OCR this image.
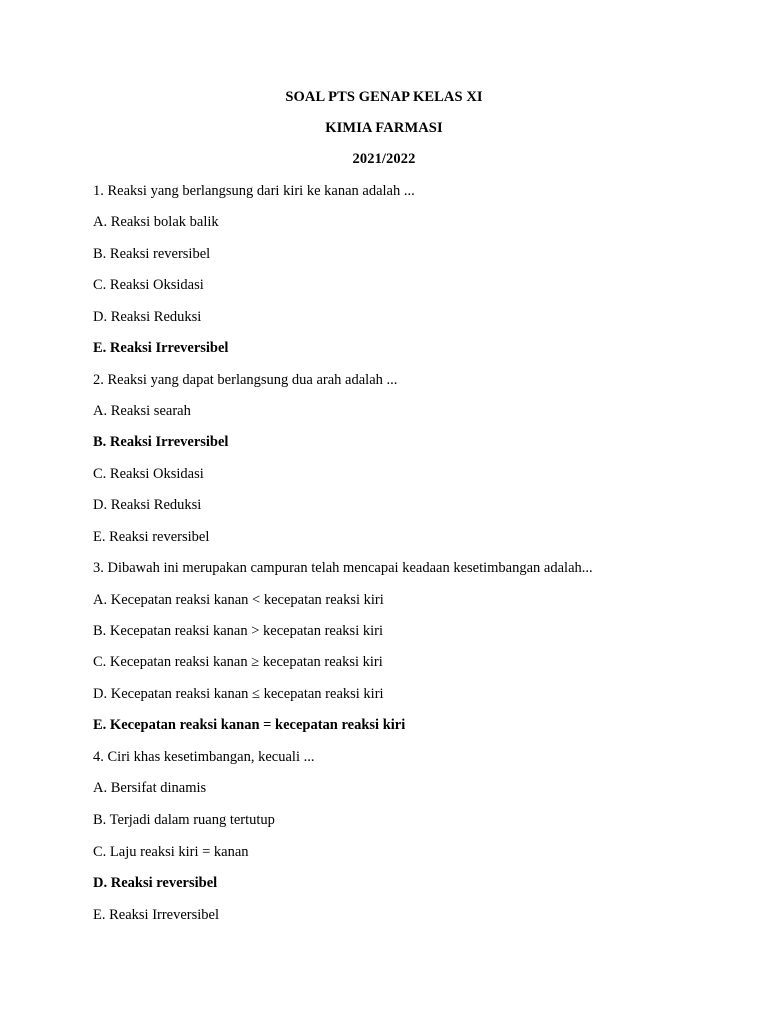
SOAL PTS GENAP KELAS XI
KIMIA FARMASI
2021/2022
1. Reaksi yang berlangsung dari kiri ke kanan adalah ...
A. Reaksi bolak balik
B. Reaksi reversibel
C. Reaksi Oksidasi
D. Reaksi Reduksi
E. Reaksi Irreversibel
2. Reaksi yang dapat berlangsung dua arah adalah ...
A. Reaksi searah
B. Reaksi Irreversibel
C. Reaksi Oksidasi
D. Reaksi Reduksi
E. Reaksi reversibel
3. Dibawah ini merupakan campuran telah mencapai keadaan kesetimbangan adalah...
A. Kecepatan reaksi kanan < kecepatan reaksi kiri
B. Kecepatan reaksi kanan > kecepatan reaksi kiri
C. Kecepatan reaksi kanan ≥ kecepatan reaksi kiri
D. Kecepatan reaksi kanan ≤ kecepatan reaksi kiri
E. Kecepatan reaksi kanan = kecepatan reaksi kiri
4. Ciri khas kesetimbangan, kecuali ...
A. Bersifat dinamis
B. Terjadi dalam ruang tertutup
C. Laju reaksi kiri = kanan
D. Reaksi reversibel
E. Reaksi Irreversibel
